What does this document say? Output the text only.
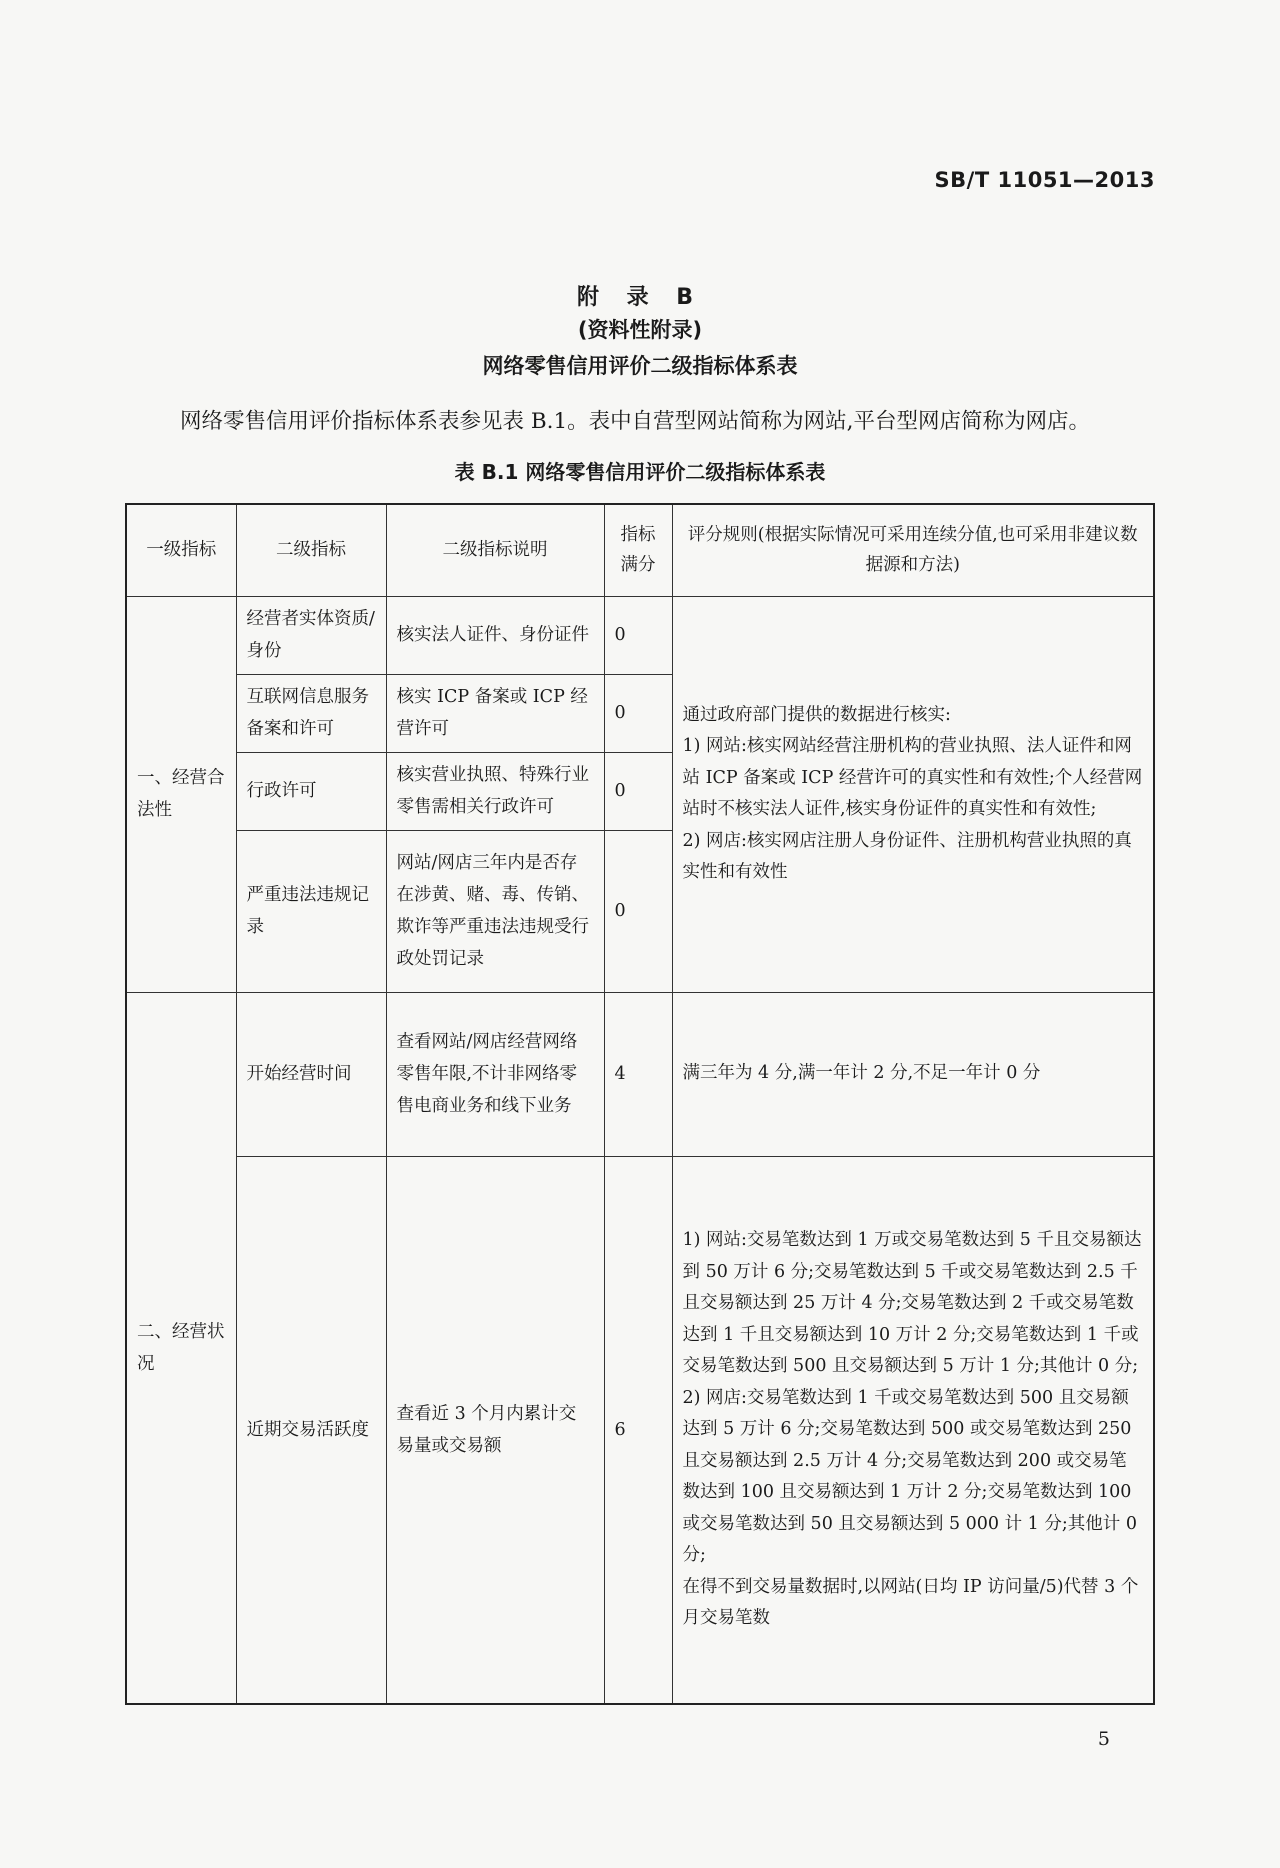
SB/T 11051—2013
附 录 B
(资料性附录)
网络零售信用评价二级指标体系表
网络零售信用评价指标体系表参见表 B.1。表中自营型网站简称为网站,平台型网店简称为网店。
表 B.1 网络零售信用评价二级指标体系表
一级指标	二级指标	二级指标说明	指标满分	评分规则(根据实际情况可采用连续分值,也可采用非建议数据源和方法)
一、经营合法性	经营者实体资质/身份	核实法人证件、身份证件	0	通过政府部门提供的数据进行核实:
1) 网站:核实网站经营注册机构的营业执照、法人证件和网站 ICP 备案或 ICP 经营许可的真实性和有效性;个人经营网站时不核实法人证件,核实身份证件的真实性和有效性;
2) 网店:核实网店注册人身份证件、注册机构营业执照的真实性和有效性

	互联网信息服务备案和许可	核实 ICP 备案或 ICP 经营许可	0	
	行政许可	核实营业执照、特殊行业零售需相关行政许可	0	
	严重违法违规记录	网站/网店三年内是否存在涉黄、赌、毒、传销、欺诈等严重违法违规受行政处罚记录	0	
二、经营状况	开始经营时间	查看网站/网店经营网络零售年限,不计非网络零售电商业务和线下业务	4	满三年为 4 分,满一年计 2 分,不足一年计 0 分

	近期交易活跃度	查看近 3 个月内累计交易量或交易额	6	1) 网站:交易笔数达到 1 万或交易笔数达到 5 千且交易额达到 50 万计 6 分;交易笔数达到 5 千或交易笔数达到 2.5 千且交易额达到 25 万计 4 分;交易笔数达到 2 千或交易笔数达到 1 千且交易额达到 10 万计 2 分;交易笔数达到 1 千或交易笔数达到 500 且交易额达到 5 万计 1 分;其他计 0 分;
2) 网店:交易笔数达到 1 千或交易笔数达到 500 且交易额达到 5 万计 6 分;交易笔数达到 500 或交易笔数达到 250 且交易额达到 2.5 万计 4 分;交易笔数达到 200 或交易笔数达到 100 且交易额达到 1 万计 2 分;交易笔数达到 100 或交易笔数达到 50 且交易额达到 5 000 计 1 分;其他计 0 分;
在得不到交易量数据时,以网站(日均 IP 访问量/5)代替 3 个月交易笔数
5
